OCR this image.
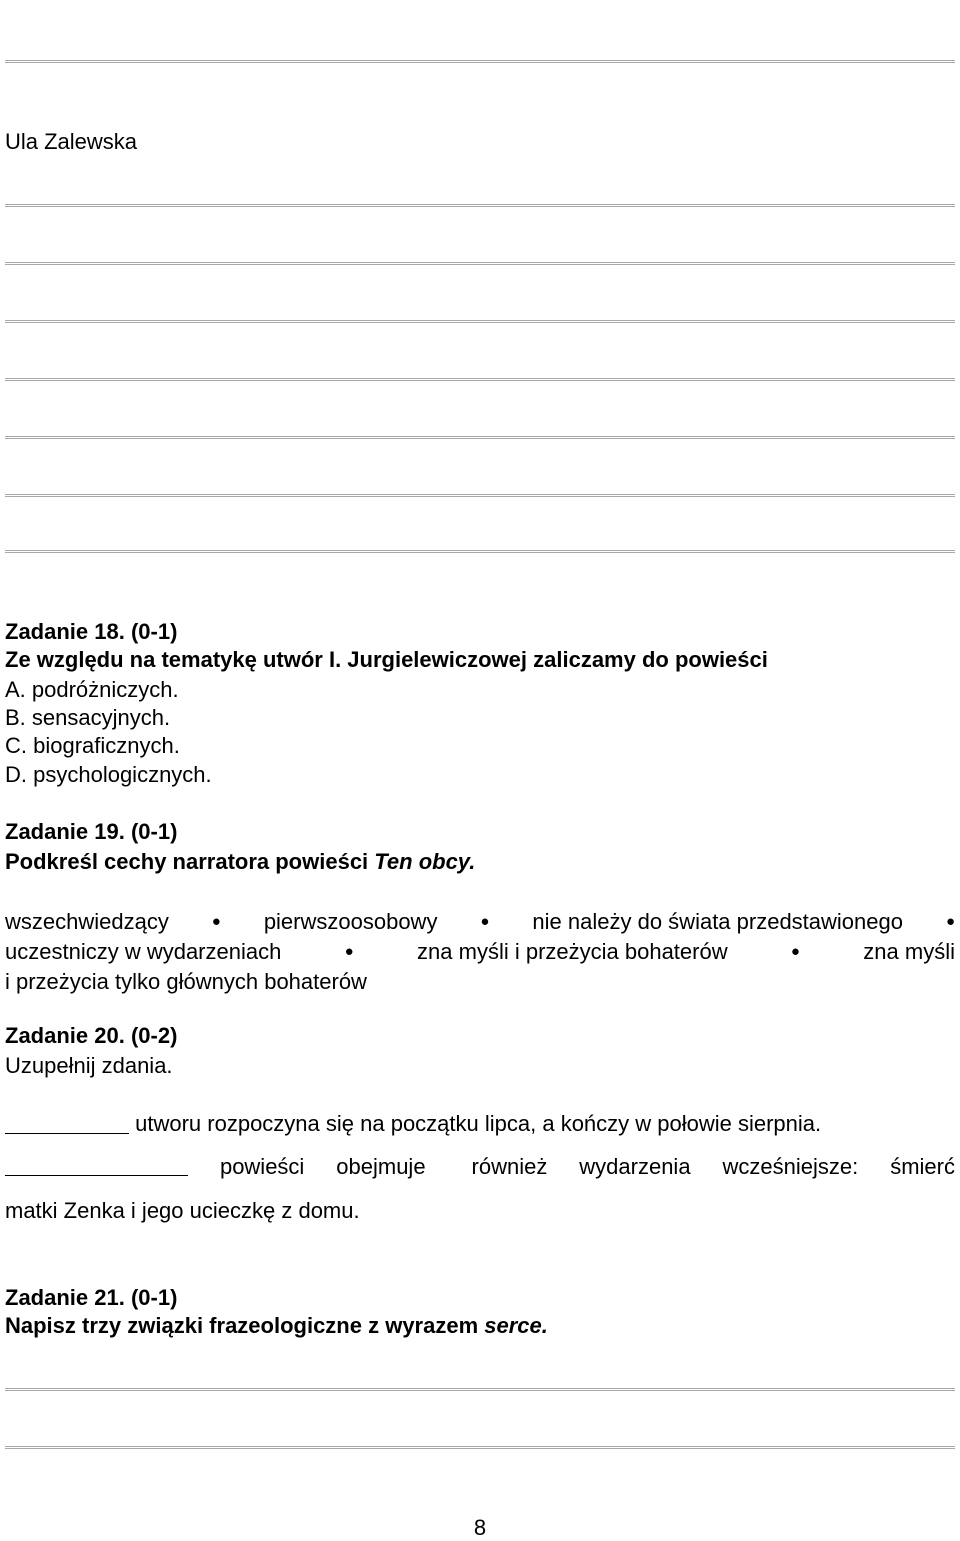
Ula Zalewska
Zadanie 18. (0-1)
Ze względu na tematykę utwór I. Jurgielewiczowej zaliczamy do powieści
A. podróżniczych.
B. sensacyjnych.
C. biograficznych.
D. psychologicznych.
Zadanie 19. (0-1)
Podkreśl cechy narratora powieści Ten obcy.
wszechwiedzący	● pierwszoosobowy	● nie należy do świata przedstawionego	●
uczestniczy w wydarzeniach	●	zna myśli i przeżycia bohaterów	●	zna myśli
i przeżycia tylko głównych bohaterów
Zadanie 20. (0-2)
Uzupełnij zdania.
utworu rozpoczyna się na początku lipca, a kończy w połowie sierpnia.
powieści obejmuje również wydarzenia wcześniejsze: śmierć
matki Zenka i jego ucieczkę z domu.
Zadanie 21. (0-1)
Napisz trzy związki frazeologiczne z wyrazem serce.
8
